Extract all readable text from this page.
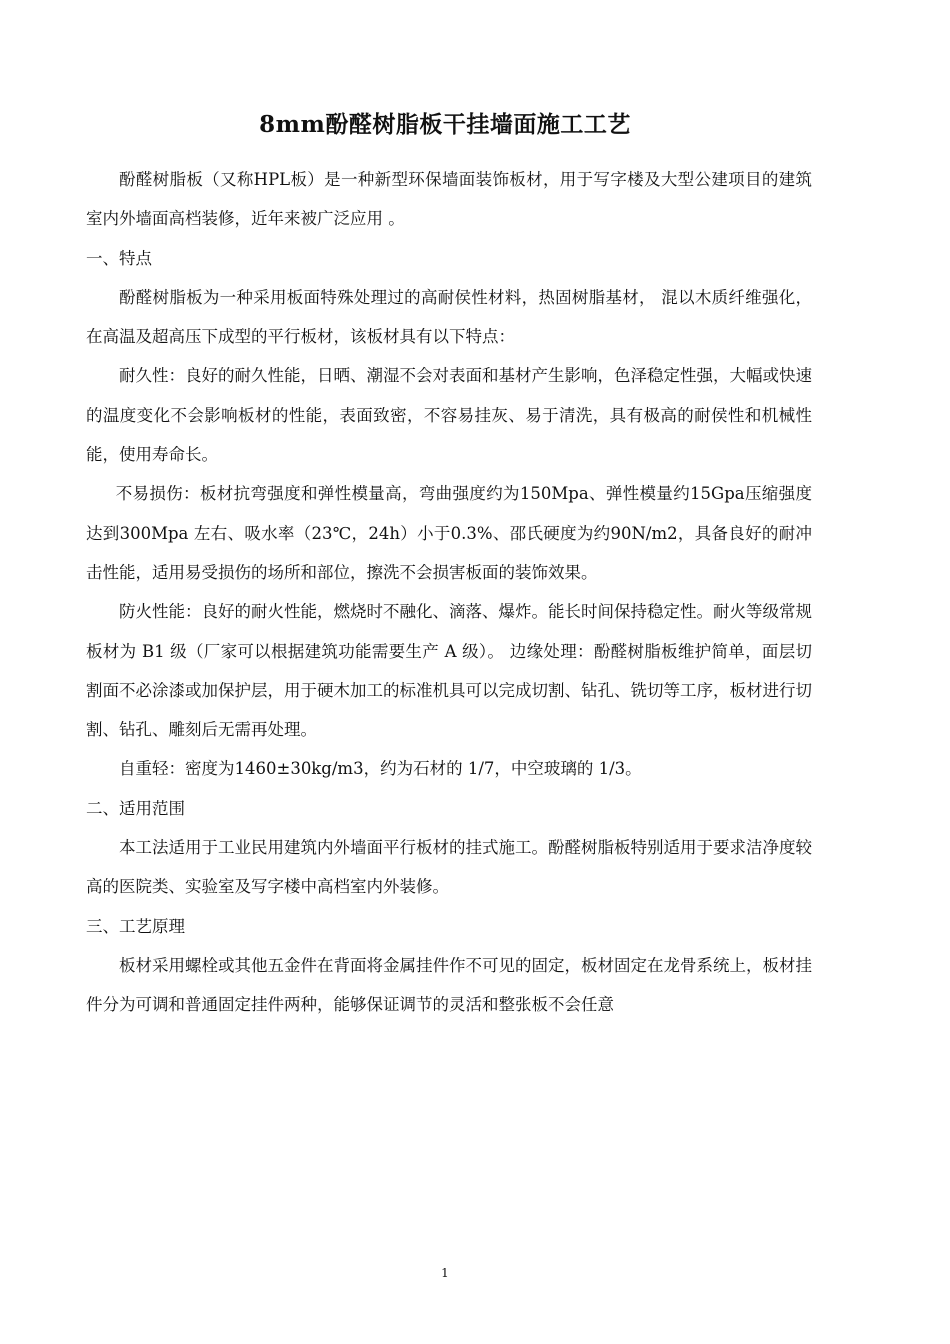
8mm酚醛树脂板干挂墙面施工工艺

酚醛树脂板（又称HPL板）是一种新型环保墙面装饰板材，用于写字楼及大型公建项目的建筑室内外墙面高档装修，近年来被广泛应用 。

一、特点

酚醛树脂板为一种采用板面特殊处理过的高耐侯性材料，热固树脂基材， 混以木质纤维强化，在高温及超高压下成型的平行板材，该板材具有以下特点：

耐久性：良好的耐久性能，日晒、潮湿不会对表面和基材产生影响，色泽稳定性强，大幅或快速的温度变化不会影响板材的性能，表面致密，不容易挂灰、易于清洗，具有极高的耐侯性和机械性能，使用寿命长。

不易损伤：板材抗弯强度和弹性模量高，弯曲强度约为150Mpa、弹性模量约15Gpa压缩强度达到300Mpa 左右、吸水率（23℃，24h）小于0.3%、邵氏硬度为约90N/m2，具备良好的耐冲击性能，适用易受损伤的场所和部位，擦洗不会损害板面的装饰效果。

防火性能：良好的耐火性能，燃烧时不融化、滴落、爆炸。能长时间保持稳定性。耐火等级常规板材为 B1 级（厂家可以根据建筑功能需要生产 A 级）。 边缘处理：酚醛树脂板维护简单，面层切割面不必涂漆或加保护层，用于硬木加工的标准机具可以完成切割、钻孔、铣切等工序，板材进行切割、钻孔、雕刻后无需再处理。

自重轻：密度为1460±30kg/m3，约为石材的 1/7，中空玻璃的 1/3。

二、适用范围

本工法适用于工业民用建筑内外墙面平行板材的挂式施工。酚醛树脂板特别适用于要求洁净度较高的医院类、实验室及写字楼中高档室内外装修。

三、工艺原理

板材采用螺栓或其他五金件在背面将金属挂件作不可见的固定，板材固定在龙骨系统上，板材挂件分为可调和普通固定挂件两种，能够保证调节的灵活和整张板不会任意

1
